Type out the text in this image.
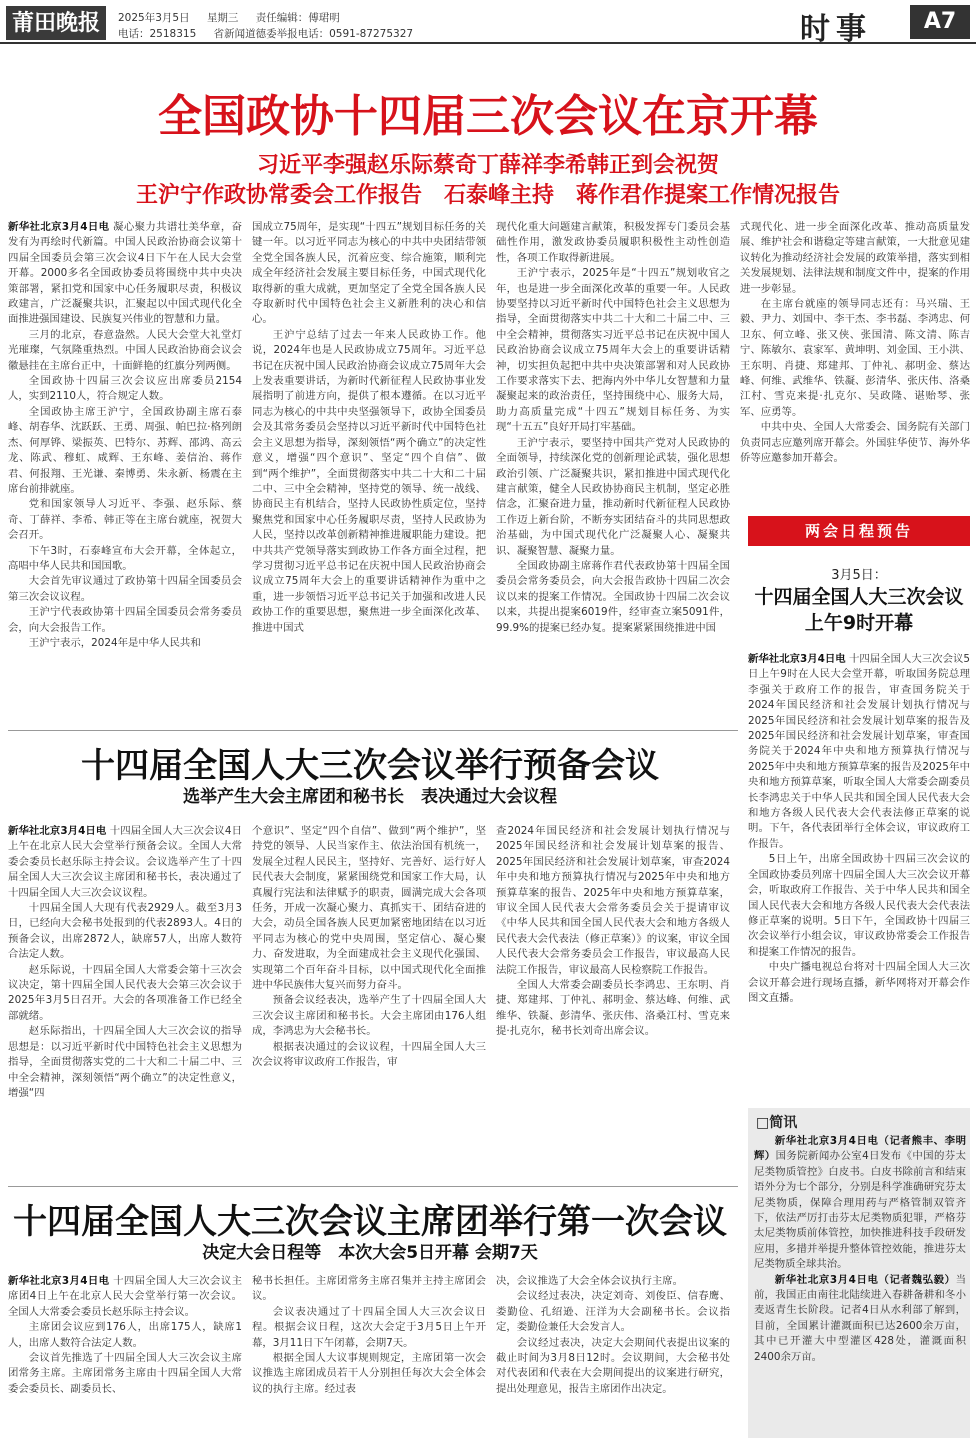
莆田晚报	2025年3月5日 星期三 责任编辑：傅珺明
电话：2518315 省新闻道德委举报电话：0591-87275327	时事	A7
全国政协十四届三次会议在京开幕
习近平李强赵乐际蔡奇丁薛祥李希韩正到会祝贺
王沪宁作政协常委会工作报告　石泰峰主持　蒋作君作提案工作情况报告
新华社北京3月4日电 凝心聚力共谱壮美华章，奋发有为再绘时代新篇。中国人民政治协商会议第十四届全国委员会第三次会议4日下午在人民大会堂开幕。2000多名全国政协委员将围绕中共中央决策部署，紧扣党和国家中心任务履职尽责，积极议政建言，广泛凝聚共识，汇聚起以中国式现代化全面推进强国建设、民族复兴伟业的智慧和力量。

三月的北京，春意盎然。人民大会堂大礼堂灯光璀璨，气氛隆重热烈。中国人民政治协商会议会徽悬挂在主席台正中，十面鲜艳的红旗分列两侧。

全国政协十四届三次会议应出席委员2154人，实到2110人，符合规定人数。

全国政协主席王沪宁，全国政协副主席石泰峰、胡春华、沈跃跃、王勇、周强、帕巴拉·格列朗杰、何厚铧、梁振英、巴特尔、苏辉、邵鸿、高云龙、陈武、穆虹、咸辉、王东峰、姜信治、蒋作君、何报翔、王光谦、秦博勇、朱永新、杨震在主席台前排就座。

党和国家领导人习近平、李强、赵乐际、蔡奇、丁薛祥、李希、韩正等在主席台就座，祝贺大会召开。

下午3时，石泰峰宣布大会开幕，全体起立，高唱中华人民共和国国歌。

大会首先审议通过了政协第十四届全国委员会第三次会议议程。

王沪宁代表政协第十四届全国委员会常务委员会，向大会报告工作。

王沪宁表示，2024年是中华人民共和

国成立75周年，是实现“十四五”规划目标任务的关键一年。以习近平同志为核心的中共中央团结带领全党全国各族人民，沉着应变、综合施策，顺利完成全年经济社会发展主要目标任务，中国式现代化取得新的重大成就，更加坚定了全党全国各族人民夺取新时代中国特色社会主义新胜利的决心和信心。

王沪宁总结了过去一年来人民政协工作。他说，2024年也是人民政协成立75周年。习近平总书记在庆祝中国人民政治协商会议成立75周年大会上发表重要讲话，为新时代新征程人民政协事业发展指明了前进方向，提供了根本遵循。在以习近平同志为核心的中共中央坚强领导下，政协全国委员会及其常务委员会坚持以习近平新时代中国特色社会主义思想为指导，深刻领悟“两个确立”的决定性意义，增强“四个意识”、坚定“四个自信”、做到“两个维护”，全面贯彻落实中共二十大和二十届二中、三中全会精神，坚持党的领导、统一战线、协商民主有机结合，坚持人民政协性质定位，坚持聚焦党和国家中心任务履职尽责，坚持人民政协为人民，坚持以改革创新精神推进履职能力建设。把中共共产党领导落实到政协工作各方面全过程，把学习贯彻习近平总书记在庆祝中国人民政治协商会议成立75周年大会上的重要讲话精神作为重中之重，进一步领悟习近平总书记关于加强和改进人民政协工作的重要思想，聚焦进一步全面深化改革、推进中国式

现代化重大问题建言献策，积极发挥专门委员会基础性作用，激发政协委员履职积极性主动性创造性，各项工作取得新进展。

王沪宁表示，2025年是“十四五”规划收官之年，也是进一步全面深化改革的重要一年。人民政协要坚持以习近平新时代中国特色社会主义思想为指导，全面贯彻落实中共二十大和二十届二中、三中全会精神，贯彻落实习近平总书记在庆祝中国人民政治协商会议成立75周年大会上的重要讲话精神，切实担负起把中共中央决策部署和对人民政协工作要求落实下去、把海内外中华儿女智慧和力量凝聚起来的政治责任，坚持围绕中心、服务大局，助力高质量完成“十四五”规划目标任务、为实现“十五五”良好开局打牢基础。

王沪宁表示，要坚持中国共产党对人民政协的全面领导，持续深化党的创新理论武装，强化思想政治引领、广泛凝聚共识，紧扣推进中国式现代化建言献策，健全人民政协协商民主机制，坚定必胜信念，汇聚奋进力量，推动新时代新征程人民政协工作迈上新台阶，不断夯实团结奋斗的共同思想政治基础，为中国式现代化广泛凝聚人心、凝聚共识、凝聚智慧、凝聚力量。

全国政协副主席蒋作君代表政协第十四届全国委员会常务委员会，向大会报告政协十四届二次会议以来的提案工作情况。全国政协十四届二次会议以来，共提出提案6019件，经审查立案5091件，99.9%的提案已经办复。提案紧紧围绕推进中国

式现代化、进一步全面深化改革、推动高质量发展、维护社会和谐稳定等建言献策，一大批意见建议转化为推动经济社会发展的政策举措，落实到相关发展规划、法律法规和制度文件中，提案的作用进一步彰显。

在主席台就座的领导同志还有：马兴瑞、王毅、尹力、刘国中、李干杰、李书磊、李鸿忠、何卫东、何立峰、张又侠、张国清、陈文清、陈吉宁、陈敏尔、袁家军、黄坤明、刘金国、王小洪、王东明、肖捷、郑建邦、丁仲礼、郝明金、蔡达峰、何维、武维华、铁凝、彭清华、张庆伟、洛桑江村、雪克来提·扎克尔、吴政隆、谌贻琴、张军、应勇等。

中共中央、全国人大常委会、国务院有关部门负责同志应邀列席开幕会。外国驻华使节、海外华侨等应邀参加开幕会。

两会日程预告
3月5日：
十四届全国人大三次会议上午9时开幕
新华社北京3月4日电 十四届全国人大三次会议5日上午9时在人民大会堂开幕，听取国务院总理李强关于政府工作的报告，审查国务院关于2024年国民经济和社会发展计划执行情况与2025年国民经济和社会发展计划草案的报告及2025年国民经济和社会发展计划草案，审查国务院关于2024年中央和地方预算执行情况与2025年中央和地方预算草案的报告及2025年中央和地方预算草案，听取全国人大常委会副委员长李鸿忠关于中华人民共和国全国人民代表大会和地方各级人民代表大会代表法修正草案的说明。下午，各代表团举行全体会议，审议政府工作报告。

5日上午，出席全国政协十四届三次会议的全国政协委员列席十四届全国人大三次会议开幕会，听取政府工作报告、关于中华人民共和国全国人民代表大会和地方各级人民代表大会代表法修正草案的说明。5日下午，全国政协十四届三次会议举行小组会议，审议政协常委会工作报告和提案工作情况的报告。

中央广播电视总台将对十四届全国人大三次会议开幕会进行现场直播，新华网将对开幕会作图文直播。

十四届全国人大三次会议举行预备会议
选举产生大会主席团和秘书长　表决通过大会议程
新华社北京3月4日电 十四届全国人大三次会议4日上午在北京人民大会堂举行预备会议。全国人大常委会委员长赵乐际主持会议。会议选举产生了十四届全国人大三次会议主席团和秘书长，表决通过了十四届全国人大三次会议议程。

十四届全国人大现有代表2929人。截至3月3日，已经向大会秘书处报到的代表2893人。4日的预备会议，出席2872人，缺席57人，出席人数符合法定人数。

赵乐际说，十四届全国人大常委会第十三次会议决定，第十四届全国人民代表大会第三次会议于2025年3月5日召开。大会的各项准备工作已经全部就绪。

赵乐际指出，十四届全国人大三次会议的指导思想是：以习近平新时代中国特色社会主义思想为指导，全面贯彻落实党的二十大和二十届二中、三中全会精神，深刻领悟“两个确立”的决定性意义，增强“四

个意识”、坚定“四个自信”、做到“两个维护”，坚持党的领导、人民当家作主、依法治国有机统一，发展全过程人民民主，坚持好、完善好、运行好人民代表大会制度，紧紧围绕党和国家工作大局，认真履行宪法和法律赋予的职责，圆满完成大会各项任务，开成一次凝心聚力、真抓实干、团结奋进的大会，动员全国各族人民更加紧密地团结在以习近平同志为核心的党中央周围，坚定信心、凝心聚力、奋发进取，为全面建成社会主义现代化强国、实现第二个百年奋斗目标，以中国式现代化全面推进中华民族伟大复兴而努力奋斗。

预备会议经表决，选举产生了十四届全国人大三次会议主席团和秘书长。大会主席团由176人组成，李鸿忠为大会秘书长。

根据表决通过的会议议程，十四届全国人大三次会议将审议政府工作报告，审

查2024年国民经济和社会发展计划执行情况与2025年国民经济和社会发展计划草案的报告、2025年国民经济和社会发展计划草案，审查2024年中央和地方预算执行情况与2025年中央和地方预算草案的报告、2025年中央和地方预算草案，审议全国人民代表大会常务委员会关于提请审议《中华人民共和国全国人民代表大会和地方各级人民代表大会代表法（修正草案）》的议案，审议全国人民代表大会常务委员会工作报告，审议最高人民法院工作报告，审议最高人民检察院工作报告。

全国人大常委会副委员长李鸿忠、王东明、肖捷、郑建邦、丁仲礼、郝明金、蔡达峰、何维、武维华、铁凝、彭清华、张庆伟、洛桑江村、雪克来提·扎克尔，秘书长刘奇出席会议。

十四届全国人大三次会议主席团举行第一次会议
决定大会日程等　本次大会5日开幕 会期7天
新华社北京3月4日电 十四届全国人大三次会议主席团4日上午在北京人民大会堂举行第一次会议。全国人大常委会委员长赵乐际主持会议。

主席团会议应到176人，出席175人，缺席1人，出席人数符合法定人数。

会议首先推选了十四届全国人大三次会议主席团常务主席。主席团常务主席由十四届全国人大常委会委员长、副委员长、

秘书长担任。主席团常务主席召集并主持主席团会议。

会议表决通过了十四届全国人大三次会议日程。根据会议日程，这次大会定于3月5日上午开幕，3月11日下午闭幕，会期7天。

根据全国人大议事规则规定，主席团第一次会议推选主席团成员若干人分别担任每次大会全体会议的执行主席。经过表

决，会议推选了大会全体会议执行主席。

会议经过表决，决定刘奇、刘俊臣、信春鹰、娄勤俭、孔绍逊、汪洋为大会副秘书长。会议指定，娄勤俭兼任大会发言人。

会议经过表决，决定大会期间代表提出议案的截止时间为3月8日12时。会议期间，大会秘书处对代表团和代表在大会期间提出的议案进行研究，提出处理意见，报告主席团作出决定。

□简讯

新华社北京3月4日电（记者熊丰、李明辉）国务院新闻办公室4日发布《中国的芬太尼类物质管控》白皮书。白皮书除前言和结束语外分为七个部分，分别是科学准确研究芬太尼类物质，保障合理用药与严格管制双管齐下，依法严厉打击芬太尼类物质犯罪，严格芬太尼类物质前体管控，加快推进科技手段研发应用，多措并举提升整体管控效能，推进芬太尼类物质全球共治。

新华社北京3月4日电（记者魏弘毅）当前，我国正由南往北陆续进入春耕备耕和冬小麦返青生长阶段。记者4日从水利部了解到，目前，全国累计灌溉面积已达2600余万亩，其中已开灌大中型灌区428处，灌溉面积2400余万亩。
